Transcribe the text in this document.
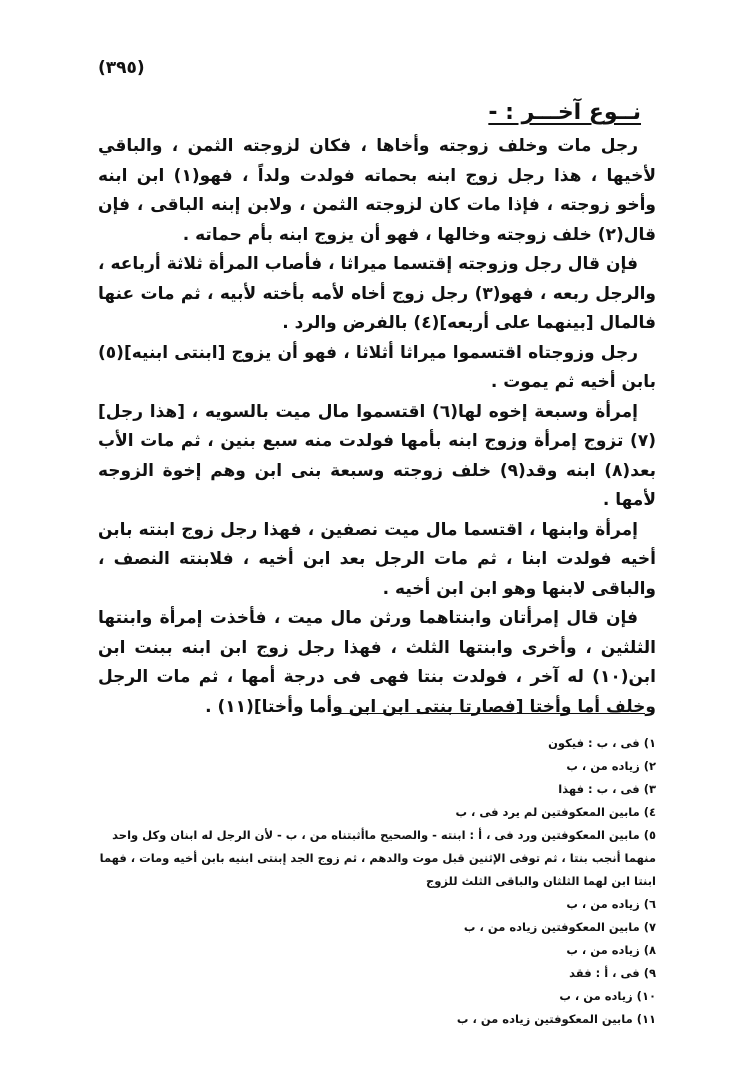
(٣٩٥)
نــوع آخـــر : -

رجل مات وخلف زوجته وأخاها ، فكان لزوجته الثمن ، والباقي لأخيها ، هذا رجل زوج ابنه بحماته فولدت ولداً ، فهو(١) ابن ابنه وأخو زوجته ، فإذا مات كان لزوجته الثمن ، ولابن إبنه الباقى ، فإن قال(٢) خلف زوجته وخالها ، فهو أن يزوج ابنه بأم حماته .

فإن قال رجل وزوجته إقتسما ميراثا ، فأصاب المرأة ثلاثة أرباعه ، والرجل ربعه ، فهو(٣) رجل زوج أخاه لأمه بأخته لأبيه ، ثم مات عنها فالمال [بينهما على أربعه](٤) بالفرض والرد .

رجل وزوجتاه اقتسموا ميراثا أثلاثا ، فهو أن يزوج [ابنتى ابنيه](٥) بابن أخيه ثم يموت .

إمرأة وسبعة إخوه لها(٦) اقتسموا مال ميت بالسويه ، [هذا رجل](٧) تزوج إمرأة وزوج ابنه بأمها فولدت منه سبع بنين ، ثم مات الأب بعد(٨) ابنه وقد(٩) خلف زوجته وسبعة بنى ابن وهم إخوة الزوجه لأمها .

إمرأة وابنها ، اقتسما مال ميت نصفين ، فهذا رجل زوج ابنته بابن أخيه فولدت ابنا ، ثم مات الرجل بعد ابن أخيه ، فلابنته النصف ، والباقى لابنها وهو ابن ابن أخيه .

فإن قال إمرأتان وابنتاهما ورثن مال ميت ، فأخذت إمرأة وابنتها الثلثين ، وأخرى وابنتها الثلث ، فهذا رجل زوج ابن ابنه ببنت ابن ابن(١٠) له آخر ، فولدت بنتا فهى فى درجة أمها ، ثم مات الرجل وخلف أما وأختا [فصارتا بنتى ابن ابن وأما وأختا](١١) .

١) فى ، ب : فيكون

٢) زياده من ، ب

٣) فى ، ب : فهذا

٤) مابين المعكوفتين لم يرد فى ، ب

٥) مابين المعكوفتين ورد فى ، أ : ابنته - والصحيح ماأثبتناه من ، ب - لأن الرجل له ابنان وكل واحد منهما أنجب بنتا ، ثم توفى الإثنين قبل موت والدهم ، ثم زوج الجد إبنتى ابنيه بابن أخيه ومات ، فهما ابنتا ابن لهما الثلثان والباقى الثلث للزوج

٦) زياده من ، ب

٧) مابين المعكوفتين زياده من ، ب

٨) زياده من ، ب

٩) فى ، أ : فقد

١٠) زياده من ، ب

١١) مابين المعكوفتين زياده من ، ب
